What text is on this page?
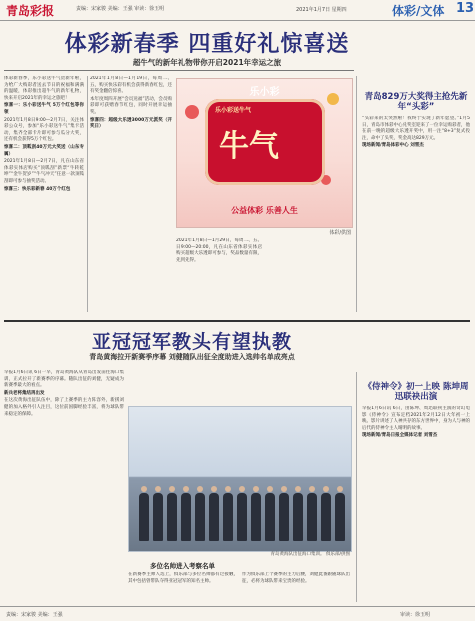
青岛彩报	责编：宋家骏 美编：王强 审读：徐玉明	2021年1月7日 星期四	体彩/文体 13
体彩新春季 四重好礼惊喜送
超牛气的新年礼物带你开启2021年幸运之旅

体彩新春季，乐小彩送牛气贺新年啦，为给广大购彩者送去节日的祝福和满满的温暖，体彩推出超牛气的新年礼物，快来开启2021年的幸运之旅吧！

惊喜一：乐小彩送牛气 5万个红包等你领

2021年1月8日9:00—2月7日，关注体彩公众号，参加“乐小彩送牛气”集卡活动，集齐全部卡片即可参与瓜分大奖，还有机会获得5万个红包。

惊喜二：顶呱刮40万元大奖送（山东专属）

2021年1月8日—2月7日，凡在山东省体彩实体店购买“顶呱刮”新票“牛转乾坤”“金牛贺岁”“牛气冲天”任意一款顶呱刮即可参与抽奖活动。

惊喜三：快乐彩新春 40万个红包

2021年1月8日—1月19日，每周二、五，购买快乐彩有机会获得新春红包，还有奖金翻倍惊喜。

本年度周四开展“会员送福”活动，会员购彩即可获赠春节红包，同时开展幸运抽奖。

惊喜四：超级大乐透3000万元派奖（开奖日）

乐小彩
乐小彩送牛气
牛气
公益体彩 乐善人生
体彩/供图

2021年1月8日—1月29日，每周二、五、日9:00—20:00，凡在山东省体彩实体店购买超级大乐透即可参与，奖品数量有限，先到先得。

青岛829万大奖得主抢先新年“头彩”

“头彩来的太突然啦！我终于实现了新年愿望。”1月5日，青岛市体彩中心兑奖室迎来了一位幸运购彩者，他在前一晚的超级大乐透开奖中，用一注“8+3”复式投注，命中了头奖，奖金高达829万元。

现场新闻/青岛体彩中心 刘雪杰

亚冠冠军教头有望执教
青岛黄海拉开新赛季序幕 刘健随队出征全度助进入选帅名单成亮点

早报1月6日讯 6日一早，青岛黄海队从青岛出发前往海口集训，正式拉开了新赛季的序幕。随队出征的刘健，无疑成为新赛季最大的看点。

新兵老将集结再出发

在这次黄海出征队伍中，除了上赛季的主力阵容外，新援刘健的加入格外引人注目，这位前国脚经验丰富，将为球队带来稳定的保障。

青岛黄海队出征海口集训。 俱乐部/供图
多位名帅进入考察名单

在新赛季主帅人选上，俱乐部与多位名帅都有过接触，其中包括曾带队夺得亚冠冠军的知名主帅。

作为俱乐部上个赛季的主力后腰，刘健此番跟随球队出征，必将为球队带来宝贵的经验。

《侍神令》初一上映 陈坤周迅联袂出演

早报1月6日讯 6日，由陈坤、周迅联袂主演的奇幻电影《侍神令》宣布定档2021年2月12日大年初一上映。影片讲述了人神共存的东方世界中，身为人与神的后代的侍神令主人晴明的故事。

现场新闻/青岛日报全媒体记者 刘雪杰

责编：宋家骏 美编：王强	审读：徐玉明
